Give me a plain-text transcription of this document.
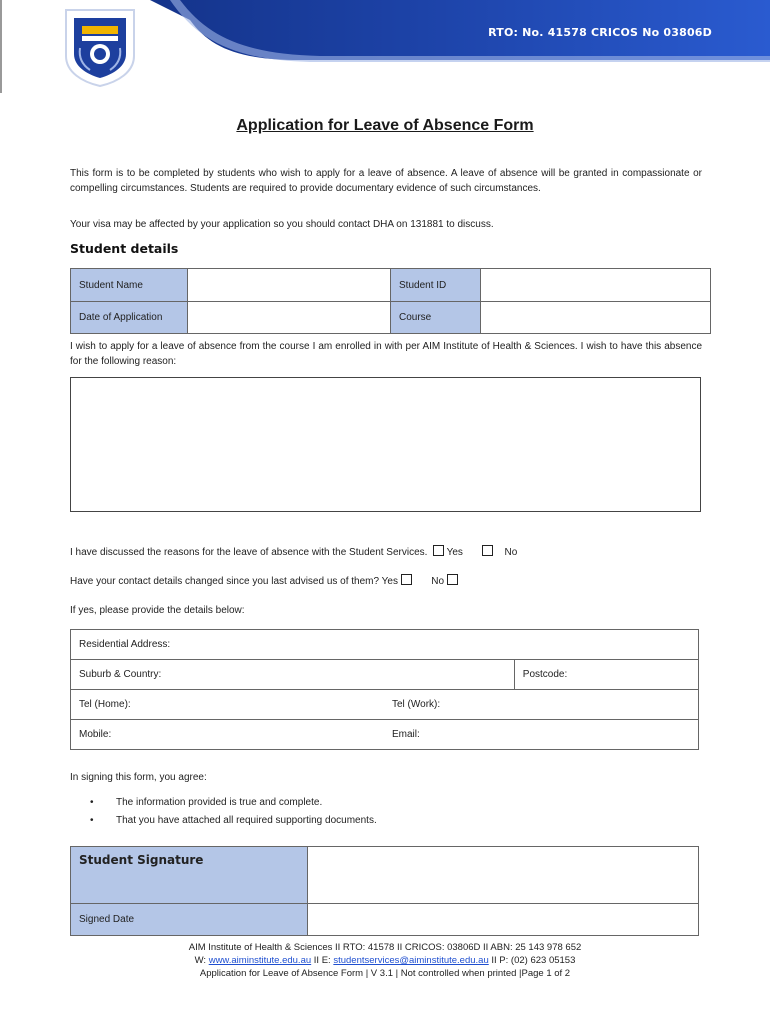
RTO: No. 41578 CRICOS No 03806D
Application for Leave of Absence Form
This form is to be completed by students who wish to apply for a leave of absence. A leave of absence will be granted in compassionate or compelling circumstances. Students are required to provide documentary evidence of such circumstances.
Your visa may be affected by your application so you should contact DHA on 131881 to discuss.
Student details
Student Name		Student ID	
Date of Application		Course	
I wish to apply for a leave of absence from the course I am enrolled in with per AIM Institute of Health & Sciences. I wish to have this absence for the following reason:
I have discussed the reasons for the leave of absence with the Student Services. Yes	No
Have your contact details changed since you last advised us of them? Yes	No
If yes, please provide the details below:
Residential Address:		
Suburb & Country:		Postcode:
Tel (Home):	Tel (Work):	
Mobile:	Email:	
In signing this form, you agree:
• The information provided is true and complete.
• That you have attached all required supporting documents.
Student Signature	
Signed Date	
AIM Institute of Health & Sciences II RTO: 41578 II CRICOS: 03806D II ABN: 25 143 978 652
W: www.aiminstitute.edu.au II E: studentservices@aiminstitute.edu.au II P: (02) 623 05153
Application for Leave of Absence Form | V 3.1 | Not controlled when printed |Page 1 of 2
